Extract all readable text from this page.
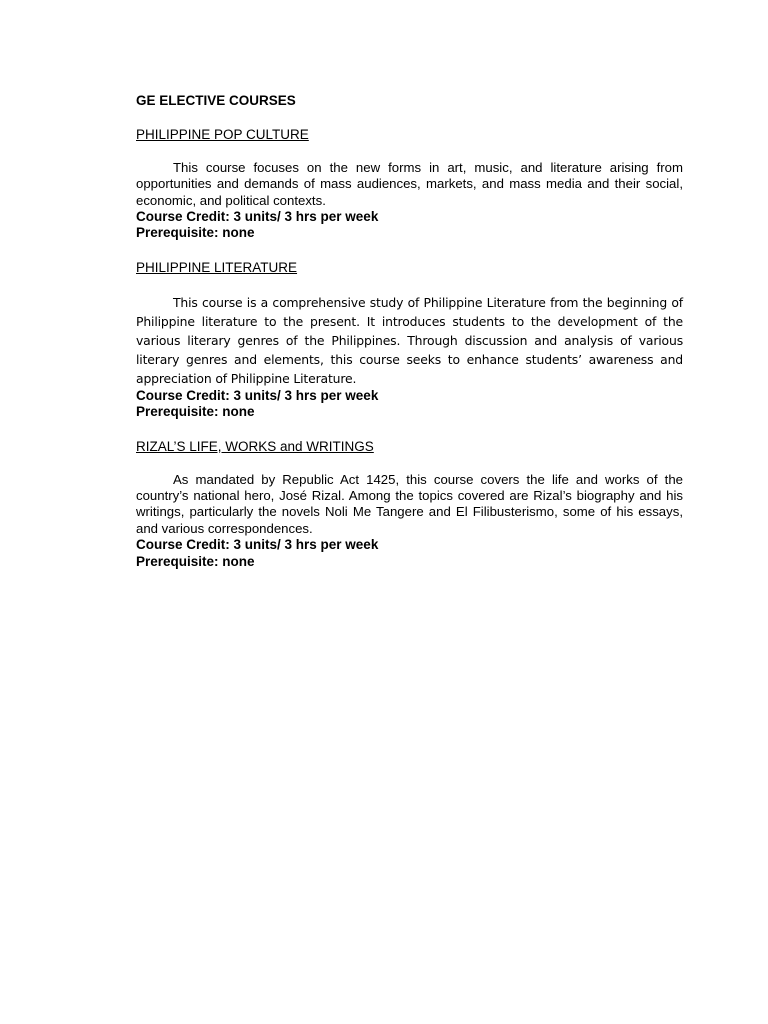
GE ELECTIVE COURSES
PHILIPPINE POP CULTURE

This course focuses on the new forms in art, music, and literature arising from opportunities and demands of mass audiences, markets, and mass media and their social, economic, and political contexts.

Course Credit: 3 units/ 3 hrs per week
Prerequisite: none
PHILIPPINE LITERATURE

This course is a comprehensive study of Philippine Literature from the beginning of Philippine literature to the present. It introduces students to the development of the various literary genres of the Philippines. Through discussion and analysis of various literary genres and elements, this course seeks to enhance students’ awareness and appreciation of Philippine Literature.

Course Credit: 3 units/ 3 hrs per week
Prerequisite: none
RIZAL’S LIFE, WORKS and WRITINGS

As mandated by Republic Act 1425, this course covers the life and works of the country’s national hero, José Rizal. Among the topics covered are Rizal’s biography and his writings, particularly the novels Noli Me Tangere and El Filibusterismo, some of his essays, and various correspondences.

Course Credit: 3 units/ 3 hrs per week
Prerequisite: none
